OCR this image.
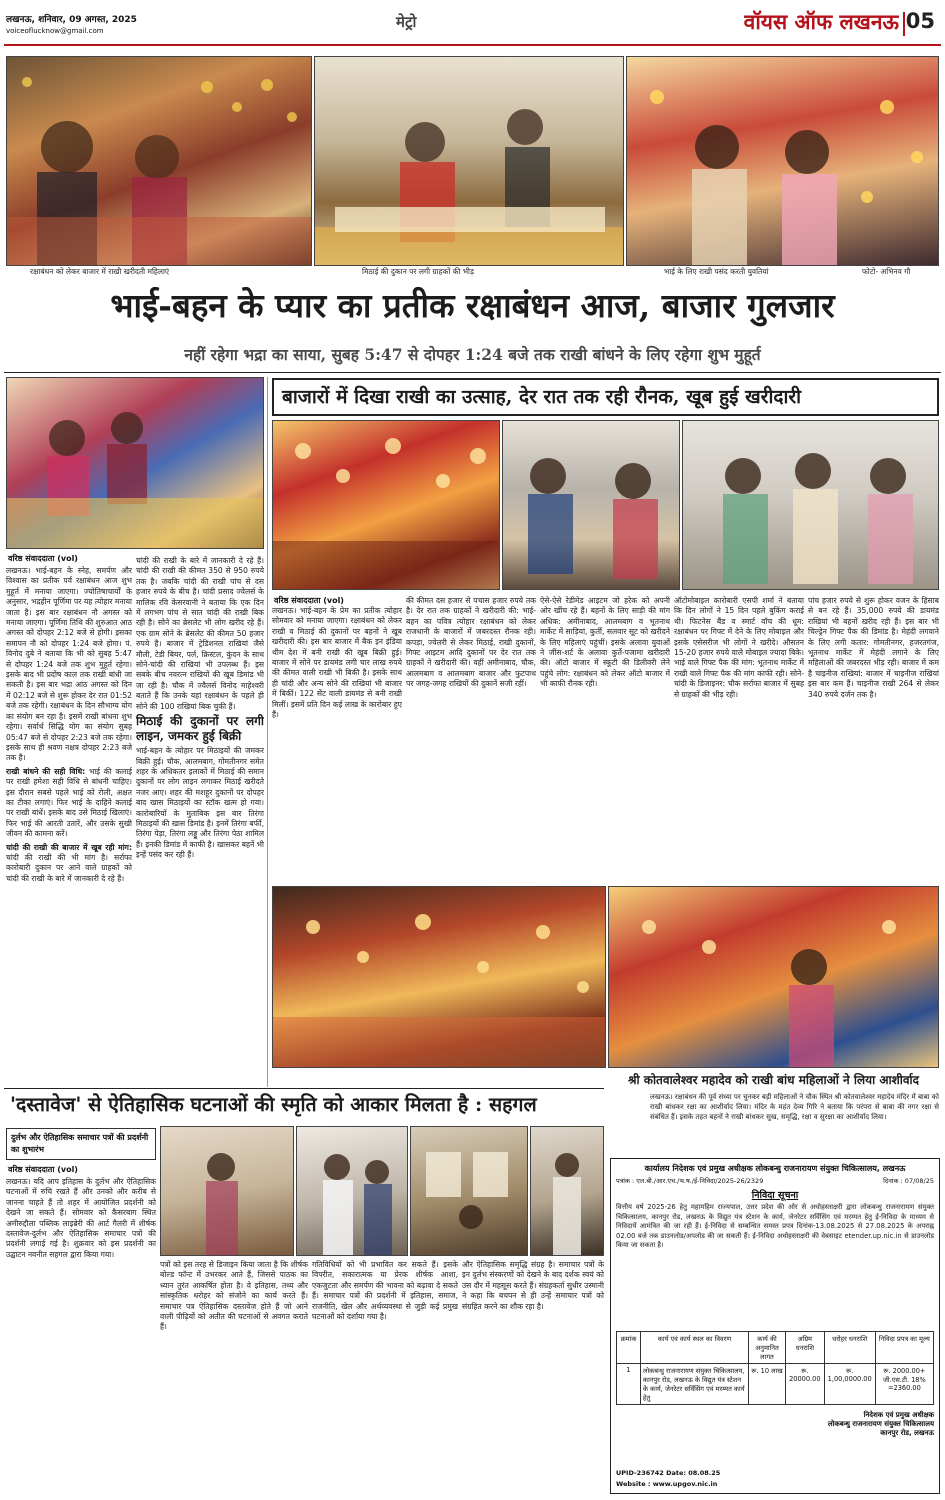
लखनऊ, शनिवार, 09 अगस्त, 2025
voiceoflucknow@gmail.com	मेट्रो	वॉयस ऑफ लखनऊ 05
रक्षाबंधन को लेकर बाजार में राखी खरीदती महिलाएं	मिठाई की दुकान पर लगी ग्राहकों की भीड़	भाई के लिए राखी पसंद करती युवतियां	फोटो- अभिनव गौ
भाई-बहन के प्यार का प्रतीक रक्षाबंधन आज, बाजार गुलजार
नहीं रहेगा भद्रा का साया, सुबह 5:47 से दोपहर 1:24 बजे तक राखी बांधने के लिए रहेगा शुभ मुहूर्त
वरिष्ठ संवाददाता (vol)
लखनऊ। भाई-बहन के स्नेह, समर्पण और विश्वास का प्रतीक पर्व रक्षाबंधन आज शुभ मुहूर्त में मनाया जाएगा। ज्योतिषाचार्यों के अनुसार, भद्रहीन पूर्णिमा पर यह त्योहार मनाया जाता है। इस बार रक्षाबंधन नौ अगस्त को मनाया जाएगा। पूर्णिमा तिथि की शुरुआत आठ अगस्त को दोपहर 2:12 बजे से होगी। इसका समापन नौ को दोपहर 1:24 बजे होगा। पं. विनोद दुबे ने बताया कि भी को सुबह 5:47 से दोपहर 1:24 बजे तक शुभ मुहूर्त रहेगा। इसके बाद भी प्रदोष काल तक राखी बांधी जा सकती है। इस बार भद्रा आठ अगस्त को दिन में 02:12 बजे से शुरू होकर देर रात 01:52 बजे तक रहेगी। रक्षाबंधन के दिन सौभाग्य योग का संयोग बन रहा है। इसमें राखी बांधना शुभ रहेगा। सर्वार्थ सिद्धि योग का संयोग सुबह 05:47 बजे से दोपहर 2:23 बजे तक रहेगा। इसके साथ ही श्रवण नक्षत्र दोपहर 2:23 बजे तक है।
राखी बांधने की सही विधि: भाई की कलाई पर राखी हमेशा सही विधि से बांधनी चाहिए। इस दौरान सबसे पहले भाई को रोली, अक्षत का टीका लगाएं। फिर भाई के दाहिने कलाई पर राखी बांधें। इसके बाद उसे मिठाई खिलाएं। फिर भाई की आरती उतारें, और उसके सुखी जीवन की कामना करें।
चांदी की राखी की बाजार में खूब रही मांग: चांदी की राखी की भी मांग है। सर्राफा कारोबारी दुकान पर आने वाले ग्राहकों को चांदी की राखी के बारे में जानकारी दे रहे हैं।
चांदी की राखी के बारे में जानकारी दे रहे हैं। चांदी की राखी की कीमत 350 से 950 रुपये तक है। जबकि चांदी की राखी पांच से दस हजार रुपये के बीच है। चांदी प्रसाद ज्वेलर्स के मालिक रवि केसरवानी ने बताया कि एक दिन में लगभग पांच से सात चांदी की राखी बिक रही है। सोने का ब्रेसलेट भी लोग खरीद रहे हैं। एक ग्राम सोने के ब्रेसलेट की कीमत 50 हजार रुपये है। बाजार में ट्रेडिशनल राखियां जैसे मौली, टेडी बियर, पर्ल, क्रिस्टल, कुंदन के साथ सोने-चांदी की राखियां भी उपलब्ध हैं। इस सबके बीच नवरत्न राखियों की खूब डिमांड भी जा रही है। चौक में ज्वैलर्स विनोद माहेश्वरी बताते हैं कि उनके यहां रक्षाबंधन के पहले ही सोने की 100 राखियां बिक चुकी हैं।
मिठाई की दुकानों पर लगी लाइन, जमकर हुई बिक्री
भाई-बहन के त्योहार पर मिठाइयों की जमकर बिक्री हुई। चौक, आलमबाग, गोमतीनगर समेत शहर के अधिकतर इलाकों में मिठाई की समान दुकानों पर लोग लाइन लगाकर मिठाई खरीदते नजर आए। शहर की मशहूर दुकानों पर दोपहर बाद खास मिठाइयों का स्टॉक खत्म हो गया। कारोबारियों के मुताबिक इस बार तिरंगा मिठाइयों की खास डिमांड है। इनमें तिरंगा बर्फी, तिरंगा पेड़ा, तिरंगा लड्डू और तिरंगा पेठा शामिल हैं। इनकी डिमांड में काफी है। खासकर बहनें भी इन्हें पसंद कर रही हैं।
बाजारों में दिखा राखी का उत्साह, देर रात तक रही रौनक, खूब हुई खरीदारी
वरिष्ठ संवाददाता (vol)
लखनऊ। भाई-बहन के प्रेम का प्रतीक त्योहार सोमवार को मनाया जाएगा। रक्षाबंधन को लेकर राखी व मिठाई की दुकानों पर बहनों ने खूब खरीदारी की। इस बार बाजार में बैक इन इंडिया थीम देश में बनी राखी की खूब बिक्री हुई। बाजार में सोने पर डायमंड लगी चार लाख रुपये की कीमत वाली राखी भी बिकी है। इसके साथ ही चांदी और अन्य सोने की राखियां भी बाजार में बिकीं। 122 सेंट वाली डायमंड से बनी राखी मिलीं। इसमें प्रति दिन कई लाख के कारोबार हुए हैं।
की कीमत दस हजार से पचास हजार रुपये तक है। देर रात तक ग्राहकों ने खरीदारी की: भाई-बहन का पवित्र त्योहार रक्षाबंधन को लेकर राजधानी के बाजारों में जबरदस्त रौनक रही। कपड़ा, ज्वेलरी से लेकर मिठाई, राखी दुकानों, गिफ्ट आइटम आदि दुकानों पर देर रात तक ग्राहकों ने खरीदारी की। वहीं अमीनाबाद, चौक, आलमबाग व आलमबाग बाजार और फुटपाथ पर जगह-जगह राखियों की दुकानें सजी रहीं।
ऐसे-ऐसे रेडीमेड आइटम जो हरेक को अपनी ओर खींच रहे हैं। बहनों के लिए साड़ी की मांग अधिक: अमीनाबाद, आलमबाग व भूतनाथ मार्केट में साड़ियां, कुर्ती, सलवार सूट को खरीदने के लिए महिलाएं पहुंचीं। इसके अलावा युवाओं ने जींस-शर्ट के अलावा कुर्ते-पजामा खरीदारी की। ऑटो बाजार में स्कूटी की डिलीवरी लेने पहुंचे लोग: रक्षाबंधन को लेकर ऑटो बाजार में भी काफी रौनक रही।
ऑटोमोबाइल कारोबारी एसपी शर्मा ने बताया कि दिन लोगों ने 15 दिन पहले बुकिंग कराई थी। फिटनेस बैंड व स्मार्ट वॉच की धूम: रक्षाबंधन पर गिफ्ट में देने के लिए मोबाइल और इसके एसेसरीज भी लोगों ने खरीदे। औसतन 15-20 हजार रुपये वाले मोबाइल ज्यादा बिके। भाई वाले गिफ्ट पैक की मांग: भूतनाथ मार्केट में राखी वाले गिफ्ट पैक की मांग काफी रही। सोने-चांदी के डिजाइनर: चौक सर्राफा बाजार में सुबह से ग्राहकों की भीड़ रही।
पांच हजार रुपये से शुरू होकर वजन के हिसाब से बन रहे हैं। 35,000 रुपये की डायमंड राखियां भी बहनों खरीद रही हैं। इस बार भी चिल्ड्रेन गिफ्ट पैक की डिमांड है। मेहंदी लगवाने के लिए लगी कतार: गोमतीनगर, हजरतगंज, भूतनाथ मार्केट में मेहंदी लगाने के लिए महिलाओं की जबरदस्त भीड़ रही। बाजार में कम है चाइनीज राखियां: बाजार में चाइनीज राखियां इस बार कम हैं। चाइनीज राखी 264 से लेकर 340 रुपये दर्जन तक है।
श्री कोतवालेश्वर महादेव को राखी बांध महिलाओं ने लिया आशीर्वाद
लखनऊ। रक्षाबंधन की पूर्व संध्या पर चुनकर बड़ी महिलाओं ने चौक स्थित श्री कोतवालेश्वर महादेव मंदिर में बाबा को राखी बांधकर रक्षा का आशीर्वाद लिया। मंदिर के महंत देव्य गिरि ने बताया कि परंपरा से बाबा की नगर रक्षा से संबंधित हैं। इसके तहत बहनों ने राखी बांधकर सुख, समृद्धि, रक्षा व सुरक्षा का आशीर्वाद लिया।
'दस्तावेज' से ऐतिहासिक घटनाओं की स्मृति को आकार मिलता है : सहगल
दुर्लभ और ऐतिहासिक समाचार पत्रों की प्रदर्शनी का शुभारंभ
वरिष्ठ संवाददाता (vol)
लखनऊ। यदि आप इतिहास के दुर्लभ और ऐतिहासिक घटनाओं में रुचि रखते हैं और उनको और करीब से जानना चाहते हैं तो शहर में आयोजित प्रदर्शनी को देखने जा सकते हैं। सोमवार को कैसरबाग स्थित अमीरुद्दौला पब्लिक लाइब्रेरी की आर्ट गैलरी में शीर्षक दस्तावेज-दुर्लभ और ऐतिहासिक समाचार पत्रों की प्रदर्शनी लगाई गई है। शुक्रवार को इस प्रदर्शनी का उद्घाटन नवनीत सहगल द्वारा किया गया।
पत्रों को इस तरह से डिजाइन किया जाता है कि शीर्षक बोल्ड फॉन्ट में उभरकर आते हैं, जिससे पाठक का ध्यान तुरंत आकर्षित होता है। वे इतिहास, तथ्य और सांस्कृतिक धरोहर को संजोने का कार्य करते हैं। समाचार पत्र ऐतिहासिक दस्तावेज होते हैं जो आने वाली पीढ़ियों को अतीत की घटनाओं से अवगत कराते हैं।
गतिविधियों को भी प्रभावित कर सकते हैं। इसके विपरीत, सकारात्मक या प्रेरक शीर्षक आशा, एकजुटता और समर्पण की भावना को बढ़ावा दे सकते हैं। समाचार पत्रों की प्रदर्शनी में इतिहास, समाज, राजनीति, खेल और अर्थव्यवस्था से जुड़ी कई प्रमुख घटनाओं को दर्शाया गया है।
और ऐतिहासिक समृद्धि संग्रह है। समाचार पत्रों के इन दुर्लभ संस्करणों को देखने के बाद दर्शक स्वयं को उस दौर में महसूस करते हैं। संग्रहकर्ता सुधीर उस्मानी ने कहा कि बचपन से ही उन्हें समाचार पत्रों को संग्रहित करने का शौक रहा है।
कार्यालय निदेशक एवं प्रमुख अधीक्षक लोकबन्धु राजनारायण संयुक्त चिकित्सालय, लखनऊ
पत्रांक : एल.बी./आर.एच./भ.ष./ई-निविदा/2025-26/2329	दिनांक : 07/08/25
निविदा सूचना
वित्तीय वर्ष 2025-26 हेतु महामहिम राज्यपाल, उत्तर प्रदेश की ओर से अधोहस्ताक्षरी द्वारा लोकबन्धु राजनारायण संयुक्त चिकित्सालय, कानपुर रोड, लखनऊ के विद्युत यंत्र स्टेशन के कार्य, जेनरेटर सर्विसिंग एवं मरम्मत हेतु ई-निविदा के माध्यम से निविदायें आमंत्रित की जा रही हैं। ई-निविदा से सम्बन्धित समस्त प्रपत्र दिनांक-13.08.2025 से 27.08.2025 के अपराह्न 02.00 बजे तक डाउनलोड/अपलोड की जा सकती हैं। ई-निविदा अधोहस्ताक्षरी की वेबसाइट etender.up.nic.in से डाउनलोड किया जा सकता है।
क्रमांक	कार्य एवं कार्य स्थल का विवरण	कार्य की अनुमानित लागत	अग्रिम धनराशि	धरोहर धनराशि	निविदा प्रपत्र का मूल्य
1	लोकबन्धु राजनारायण संयुक्त चिकित्सालय, कानपुर रोड, लखनऊ के विद्युत यंत्र स्टेशन के कार्य, जेनरेटर सर्विसिंग एवं मरम्मत कार्य हेतु	रू. 10 लाख	रू. 20000.00	रू. 1,00,0000.00	रू. 2000.00+ जी.एस.टी. 18% =2360.00
निदेशक एवं प्रमुख अधीक्षक
लोकबन्धु राजनारायण संयुक्त चिकित्सालय
कानपुर रोड, लखनऊ
UPID-236742 Date: 08.08.25
Website : www.upgov.nic.in
